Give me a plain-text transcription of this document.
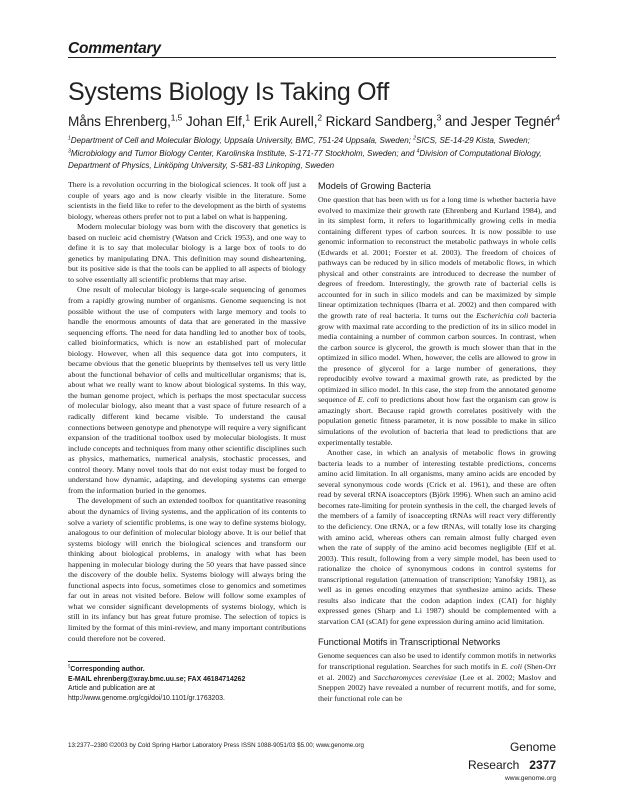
Commentary
Systems Biology Is Taking Off
Måns Ehrenberg,$^{1,5}$ Johan Elf,$^1$ Erik Aurell,$^2$ Rickard Sandberg,$^3$ and Jesper Tegnér$^4$
$^1$Department of Cell and Molecular Biology, Uppsala University, BMC, 751-24 Uppsala, Sweden; $^2$SICS, SE-14-29 Kista, Sweden; $^3$Microbiology and Tumor Biology Center, Karolinska Institute, S-171-77 Stockholm, Sweden; and $^4$Division of Computational Biology, Department of Physics, Linköping University, S-581-83 Linkoping, Sweden

There is a revolution occurring in the biological sciences. It took off just a couple of years ago and is now clearly visible in the literature. Some scientists in the field like to refer to the development as the birth of systems biology, whereas others prefer not to put a label on what is happening.

Modern molecular biology was born with the discovery that genetics is based on nucleic acid chemistry (Watson and Crick 1953), and one way to define it is to say that molecular biology is a large box of tools to do genetics by manipulating DNA. This definition may sound disheartening, but its positive side is that the tools can be applied to all aspects of biology to solve essentially all scientific problems that may arise.

One result of molecular biology is large-scale sequencing of genomes from a rapidly growing number of organisms. Genome sequencing is not possible without the use of computers with large memory and tools to handle the enormous amounts of data that are generated in the massive sequencing efforts. The need for data handling led to another box of tools, called bioinformatics, which is now an established part of molecular biology. However, when all this sequence data got into computers, it became obvious that the genetic blueprints by themselves tell us very little about the functional behavior of cells and multicellular organisms; that is, about what we really want to know about biological systems. In this way, the human genome project, which is perhaps the most spectacular success of molecular biology, also meant that a vast space of future research of a radically different kind became visible. To understand the causal connections between genotype and phenotype will require a very significant expansion of the traditional toolbox used by molecular biologists. It must include concepts and techniques from many other scientific disciplines such as physics, mathematics, numerical analysis, stochastic processes, and control theory. Many novel tools that do not exist today must be forged to understand how dynamic, adapting, and developing systems can emerge from the information buried in the genomes.

The development of such an extended toolbox for quantitative reasoning about the dynamics of living systems, and the application of its contents to solve a variety of scientific problems, is one way to define systems biology, analogous to our definition of molecular biology above. It is our belief that systems biology will enrich the biological sciences and transform our thinking about biological problems, in analogy with what has been happening in molecular biology during the 50 years that have passed since the discovery of the double helix. Systems biology will always bring the functional aspects into focus, sometimes close to genomics and sometimes far out in areas not visited before. Below will follow some examples of what we consider significant developments of systems biology, which is still in its infancy but has great future promise. The selection of topics is limited by the format of this mini-review, and many important contributions could therefore not be covered.

$^5$Corresponding author.
E-MAIL ehrenberg@xray.bmc.uu.se; FAX 46184714262
Article and publication are at http://www.genome.org/cgi/doi/10.1101/gr.1763203.
Models of Growing Bacteria

One question that has been with us for a long time is whether bacteria have evolved to maximize their growth rate (Ehrenberg and Kurland 1984), and in its simplest form, it refers to logarithmically growing cells in media containing different types of carbon sources. It is now possible to use genomic information to reconstruct the metabolic pathways in whole cells (Edwards et al. 2001; Forster et al. 2003). The freedom of choices of pathways can be reduced by in silico models of metabolic flows, in which physical and other constraints are introduced to decrease the number of degrees of freedom. Interestingly, the growth rate of bacterial cells is accounted for in such in silico models and can be maximized by simple linear optimization techniques (Ibarra et al. 2002) and then compared with the growth rate of real bacteria. It turns out the Escherichia coli bacteria grow with maximal rate according to the prediction of its in silico model in media containing a number of common carbon sources. In contrast, when the carbon source is glycerol, the growth is much slower than that in the optimized in silico model. When, however, the cells are allowed to grow in the presence of glycerol for a large number of generations, they reproducibly evolve toward a maximal growth rate, as predicted by the optimized in silico model. In this case, the step from the annotated genome sequence of E. coli to predictions about how fast the organism can grow is amazingly short. Because rapid growth correlates positively with the population genetic fitness parameter, it is now possible to make in silico simulations of the evolution of bacteria that lead to predictions that are experimentally testable.

Another case, in which an analysis of metabolic flows in growing bacteria leads to a number of interesting testable predictions, concerns amino acid limitation. In all organisms, many amino acids are encoded by several synonymous code words (Crick et al. 1961), and these are often read by several tRNA isoacceptors (Björk 1996). When such an amino acid becomes rate-limiting for protein synthesis in the cell, the charged levels of the members of a family of isoaccepting tRNAs will react very differently to the deficiency. One tRNA, or a few tRNAs, will totally lose its charging with amino acid, whereas others can remain almost fully charged even when the rate of supply of the amino acid becomes negligible (Elf et al. 2003). This result, following from a very simple model, has been used to rationalize the choice of synonymous codons in control systems for transcriptional regulation (attenuation of transcription; Yanofsky 1981), as well as in genes encoding enzymes that synthesize amino acids. These results also indicate that the codon adaption index (CAI) for highly expressed genes (Sharp and Li 1987) should be complemented with a starvation CAI (sCAI) for gene expression during amino acid limitation.

Functional Motifs in Transcriptional Networks

Genome sequences can also be used to identify common motifs in networks for transcriptional regulation. Searches for such motifs in E. coli (Shen-Orr et al. 2002) and Saccharomyces cerevisiae (Lee et al. 2002; Maslov and Sneppen 2002) have revealed a number of recurrent motifs, and for some, their functional role can be

13:2377–2380 ©2003 by Cold Spring Harbor Laboratory Press ISSN 1088-9051/03 $5.00; www.genome.org	Genome Research 2377
www.genome.org
